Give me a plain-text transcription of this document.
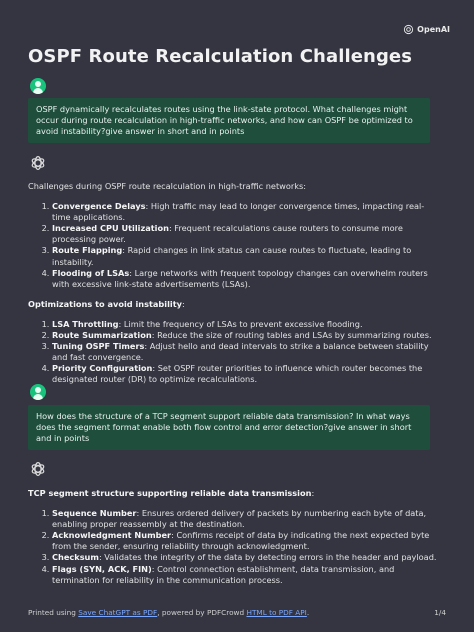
OpenAI
OSPF Route Recalculation Challenges
OSPF dynamically recalculates routes using the link-state protocol. What challenges might occur during route recalculation in high-traffic networks, and how can OSPF be optimized to avoid instability?give answer in short and in points

Challenges during OSPF route recalculation in high-traffic networks:

1. Convergence Delays: High traffic may lead to longer convergence times, impacting real-time applications.
2. Increased CPU Utilization: Frequent recalculations cause routers to consume more processing power.
3. Route Flapping: Rapid changes in link status can cause routes to fluctuate, leading to instability.
4. Flooding of LSAs: Large networks with frequent topology changes can overwhelm routers with excessive link-state advertisements (LSAs).

Optimizations to avoid instability:

1. LSA Throttling: Limit the frequency of LSAs to prevent excessive flooding.
2. Route Summarization: Reduce the size of routing tables and LSAs by summarizing routes.
3. Tuning OSPF Timers: Adjust hello and dead intervals to strike a balance between stability and fast convergence.
4. Priority Configuration: Set OSPF router priorities to influence which router becomes the designated router (DR) to optimize recalculations.
How does the structure of a TCP segment support reliable data transmission? In what ways does the segment format enable both flow control and error detection?give answer in short and in points

TCP segment structure supporting reliable data transmission:

1. Sequence Number: Ensures ordered delivery of packets by numbering each byte of data, enabling proper reassembly at the destination.
2. Acknowledgment Number: Confirms receipt of data by indicating the next expected byte from the sender, ensuring reliability through acknowledgment.
3. Checksum: Validates the integrity of the data by detecting errors in the header and payload.
4. Flags (SYN, ACK, FIN): Control connection establishment, data transmission, and termination for reliability in the communication process.
Printed using Save ChatGPT as PDF, powered by PDFCrowd HTML to PDF API.	1/4
